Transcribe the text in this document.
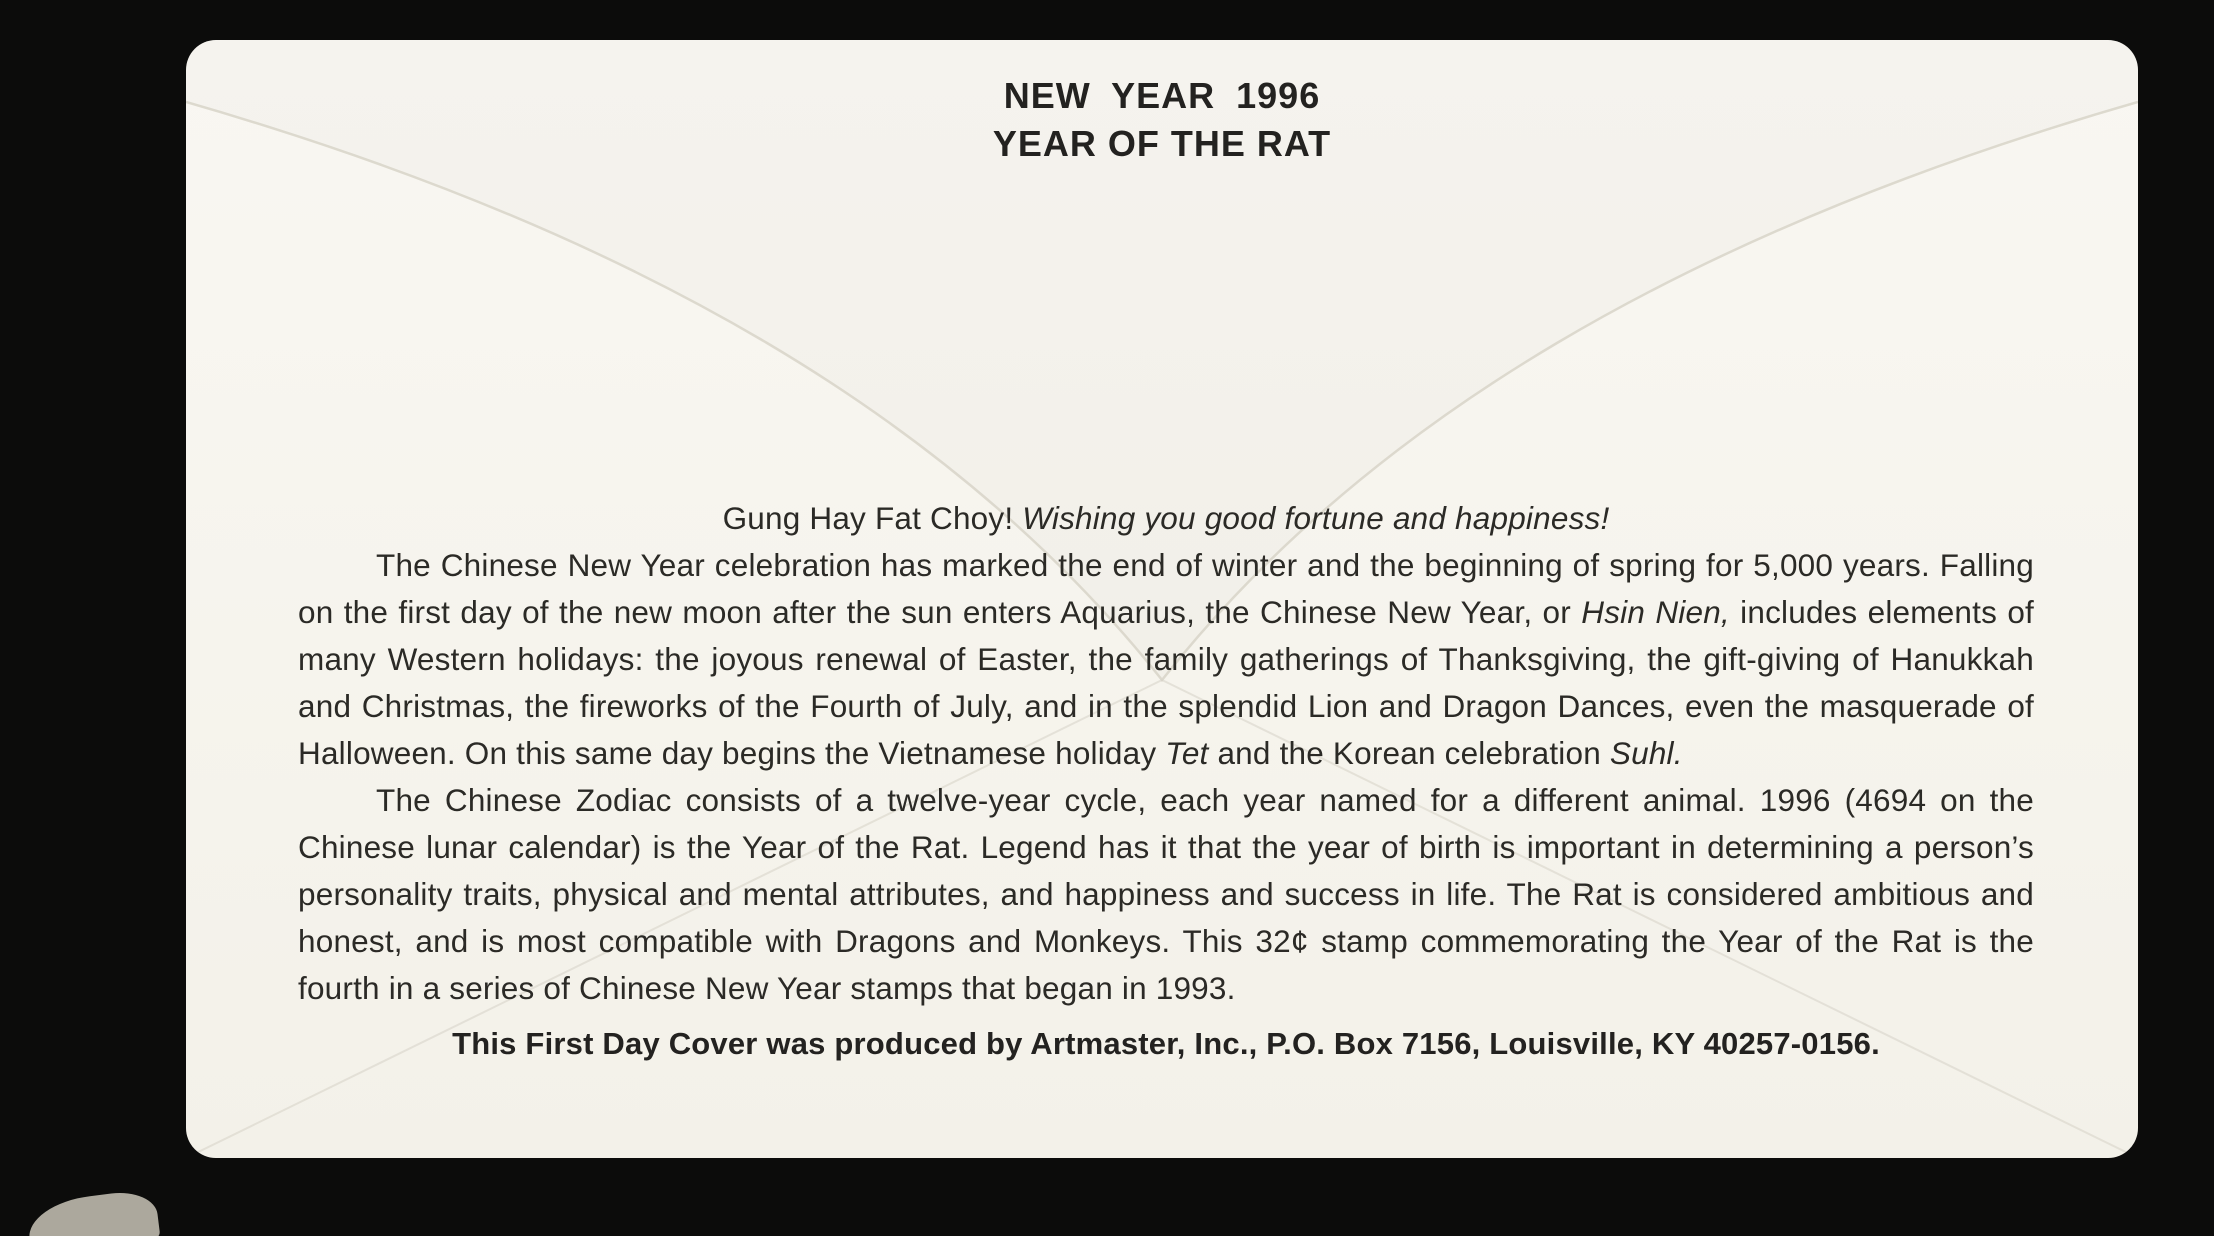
NEW YEAR 1996
YEAR OF THE RAT

Gung Hay Fat Choy! Wishing you good fortune and happiness!

The Chinese New Year celebration has marked the end of winter and the beginning of spring for 5,000 years. Falling on the first day of the new moon after the sun enters Aquarius, the Chinese New Year, or Hsin Nien, includes elements of many Western holidays: the joyous renewal of Easter, the family gatherings of Thanksgiving, the gift-giving of Hanukkah and Christmas, the fireworks of the Fourth of July, and in the splendid Lion and Dragon Dances, even the masquerade of Halloween. On this same day begins the Vietnamese holiday Tet and the Korean celebration Suhl.

The Chinese Zodiac consists of a twelve-year cycle, each year named for a different animal. 1996 (4694 on the Chinese lunar calendar) is the Year of the Rat. Legend has it that the year of birth is important in determining a person’s personality traits, physical and mental attributes, and happiness and success in life. The Rat is considered ambitious and honest, and is most compatible with Dragons and Monkeys. This 32¢ stamp commemorating the Year of the Rat is the fourth in a series of Chinese New Year stamps that began in 1993.

This First Day Cover was produced by Artmaster, Inc., P.O. Box 7156, Louisville, KY 40257-0156.
